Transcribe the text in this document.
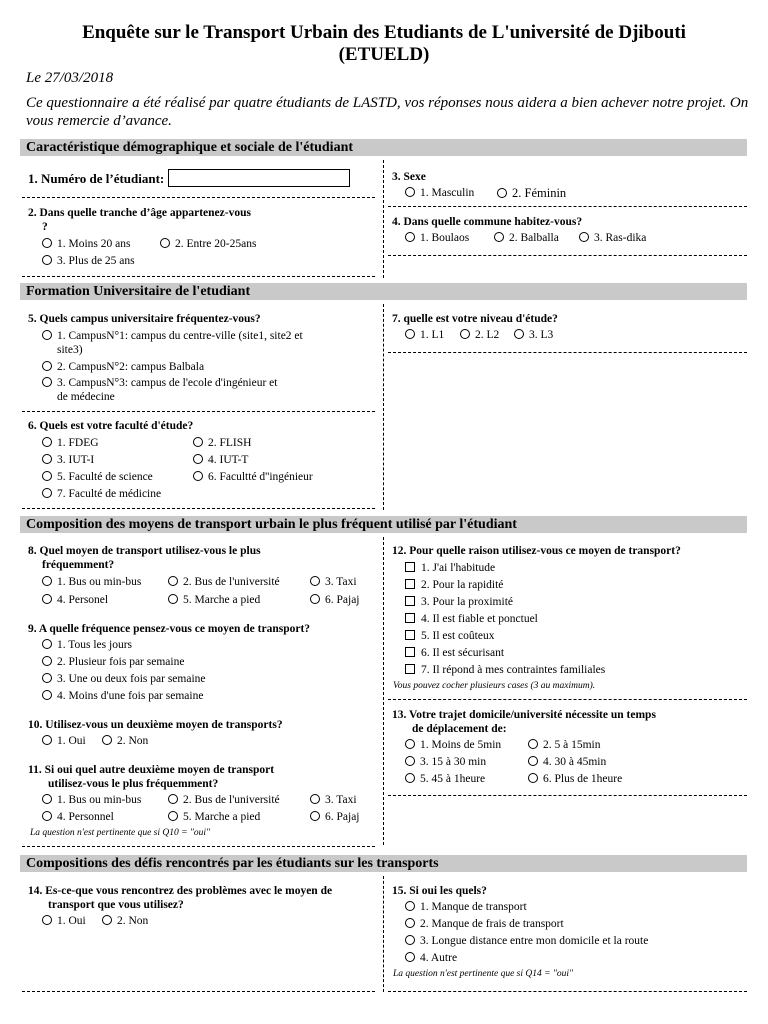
Enquête sur le Transport Urbain des Etudiants de L'université de Djibouti
(ETUELD)
Le 27/03/2018
Ce questionnaire a été réalisé par quatre étudiants de LASTD, vos réponses nous aidera a bien achever notre projet. On vous remercie d’avance.
Caractéristique démographique et sociale de l'étudiant
1. Numéro de l’étudiant:
2. Dans quelle tranche d’âge appartenez-vous
?
1. Moins 20 ans	2. Entre 20-25ans
3. Plus de 25 ans
3. Sexe
1. Masculin	2. Féminin
4. Dans quelle commune habitez-vous?
1. Boulaos	2. Balballa	3. Ras-dika
Formation Universitaire de l'etudiant
5. Quels campus universitaire fréquentez-vous?
1. CampusN°1: campus du centre-ville (site1, site2 et
site3)
2. CampusN°2: campus Balbala
3. CampusN°3: campus de l'ecole d'ingénieur et
de médecine
6. Quels est votre faculté d'étude?
1. FDEG	2. FLISH
3. IUT-I	4. IUT-T
5. Faculté de science	6. Facultté d''ingénieur
7. Faculté de médicine
7. quelle est votre niveau d'étude?
1. L1	2. L2	3. L3
Composition des moyens de transport urbain le plus fréquent utilisé par l'étudiant
8. Quel moyen de transport utilisez-vous le plus
fréquemment?
1. Bus ou min-bus	2. Bus de l'université	3. Taxi
4. Personel	5. Marche a pied	6. Pajaj
9. A quelle fréquence pensez-vous ce moyen de transport?
1. Tous les jours
2. Plusieur fois par semaine
3. Une ou deux fois par semaine
4. Moins d'une fois par semaine
10. Utilisez-vous un deuxième moyen de transports?
1. Oui	2. Non
11. Si oui quel autre deuxième moyen de transport
utilisez-vous le plus fréquemment?
1. Bus ou min-bus	2. Bus de l'université	3. Taxi
4. Personnel	5. Marche a pied	6. Pajaj
La question n'est pertinente que si Q10 = "oui"
12. Pour quelle raison utilisez-vous ce moyen de transport?
1. J'ai l'habitude
2. Pour la rapidité
3. Pour la proximité
4. Il est fiable et ponctuel
5. Il est coûteux
6. Il est sécurisant
7. Il répond à mes contraintes familiales
Vous pouvez cocher plusieurs cases (3 au maximum).
13. Votre trajet domicile/université nécessite un temps
de déplacement de:
1. Moins de 5min	2. 5 à 15min
3. 15 à 30 min	4. 30 à 45min
5. 45 à 1heure	6. Plus de 1heure
Compositions des défis rencontrés par les étudiants sur les transports
14. Es-ce-que vous rencontrez des problèmes avec le moyen de
transport que vous utilisez?
1. Oui	2. Non
15. Si oui les quels?
1. Manque de transport
2. Manque de frais de transport
3. Longue distance entre mon domicile et la route
4. Autre
La question n'est pertinente que si Q14 = "oui"
